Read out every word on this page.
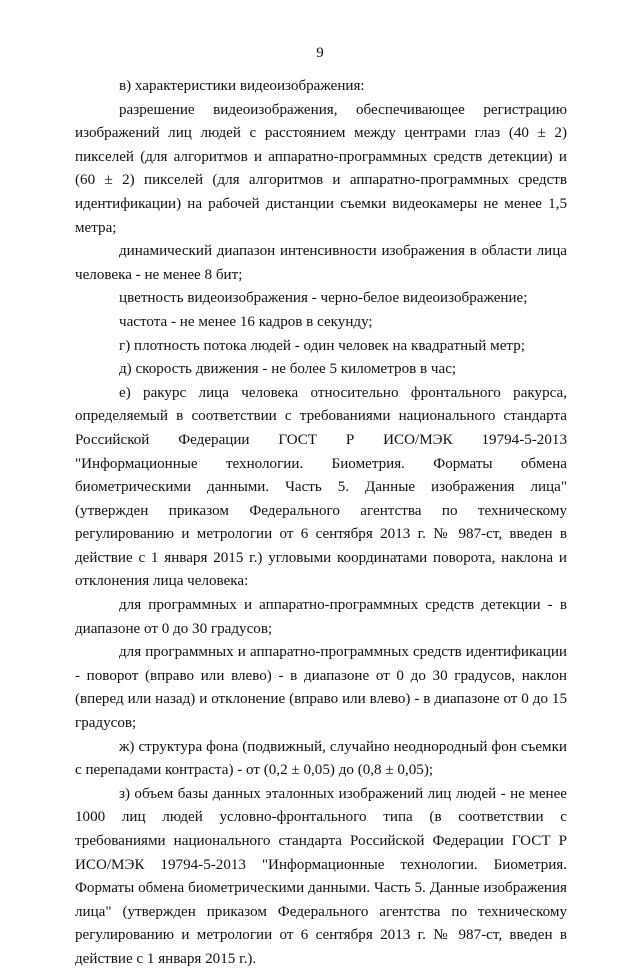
9

в) характеристики видеоизображения:

разрешение видеоизображения, обеспечивающее регистрацию изображений лиц людей с расстоянием между центрами глаз (40 ± 2) пикселей (для алгоритмов и аппаратно-программных средств детекции) и (60 ± 2) пикселей (для алгоритмов и аппаратно-программных средств идентификации) на рабочей дистанции съемки видеокамеры не менее 1,5 метра;

динамический диапазон интенсивности изображения в области лица человека - не менее 8 бит;

цветность видеоизображения - черно-белое видеоизображение;

частота - не менее 16 кадров в секунду;

г) плотность потока людей - один человек на квадратный метр;

д) скорость движения - не более 5 километров в час;

е) ракурс лица человека относительно фронтального ракурса, определяемый в соответствии с требованиями национального стандарта Российской Федерации ГОСТ Р ИСО/МЭК 19794-5-2013 "Информационные технологии. Биометрия. Форматы обмена биометрическими данными. Часть 5. Данные изображения лица" (утвержден приказом Федерального агентства по техническому регулированию и метрологии от 6 сентября 2013 г. № 987-ст, введен в действие с 1 января 2015 г.) угловыми координатами поворота, наклона и отклонения лица человека:

для программных и аппаратно-программных средств детекции - в диапазоне от 0 до 30 градусов;

для программных и аппаратно-программных средств идентификации - поворот (вправо или влево) - в диапазоне от 0 до 30 градусов, наклон (вперед или назад) и отклонение (вправо или влево) - в диапазоне от 0 до 15 градусов;

ж) структура фона (подвижный, случайно неоднородный фон съемки с перепадами контраста) - от (0,2 ± 0,05) до (0,8 ± 0,05);

з) объем базы данных эталонных изображений лиц людей - не менее 1000 лиц людей условно-фронтального типа (в соответствии с требованиями национального стандарта Российской Федерации ГОСТ Р ИСО/МЭК 19794-5-2013 "Информационные технологии. Биометрия. Форматы обмена биометрическими данными. Часть 5. Данные изображения лица" (утвержден приказом Федерального агентства по техническому регулированию и метрологии от 6 сентября 2013 г. № 987-ст, введен в действие с 1 января 2015 г.).
